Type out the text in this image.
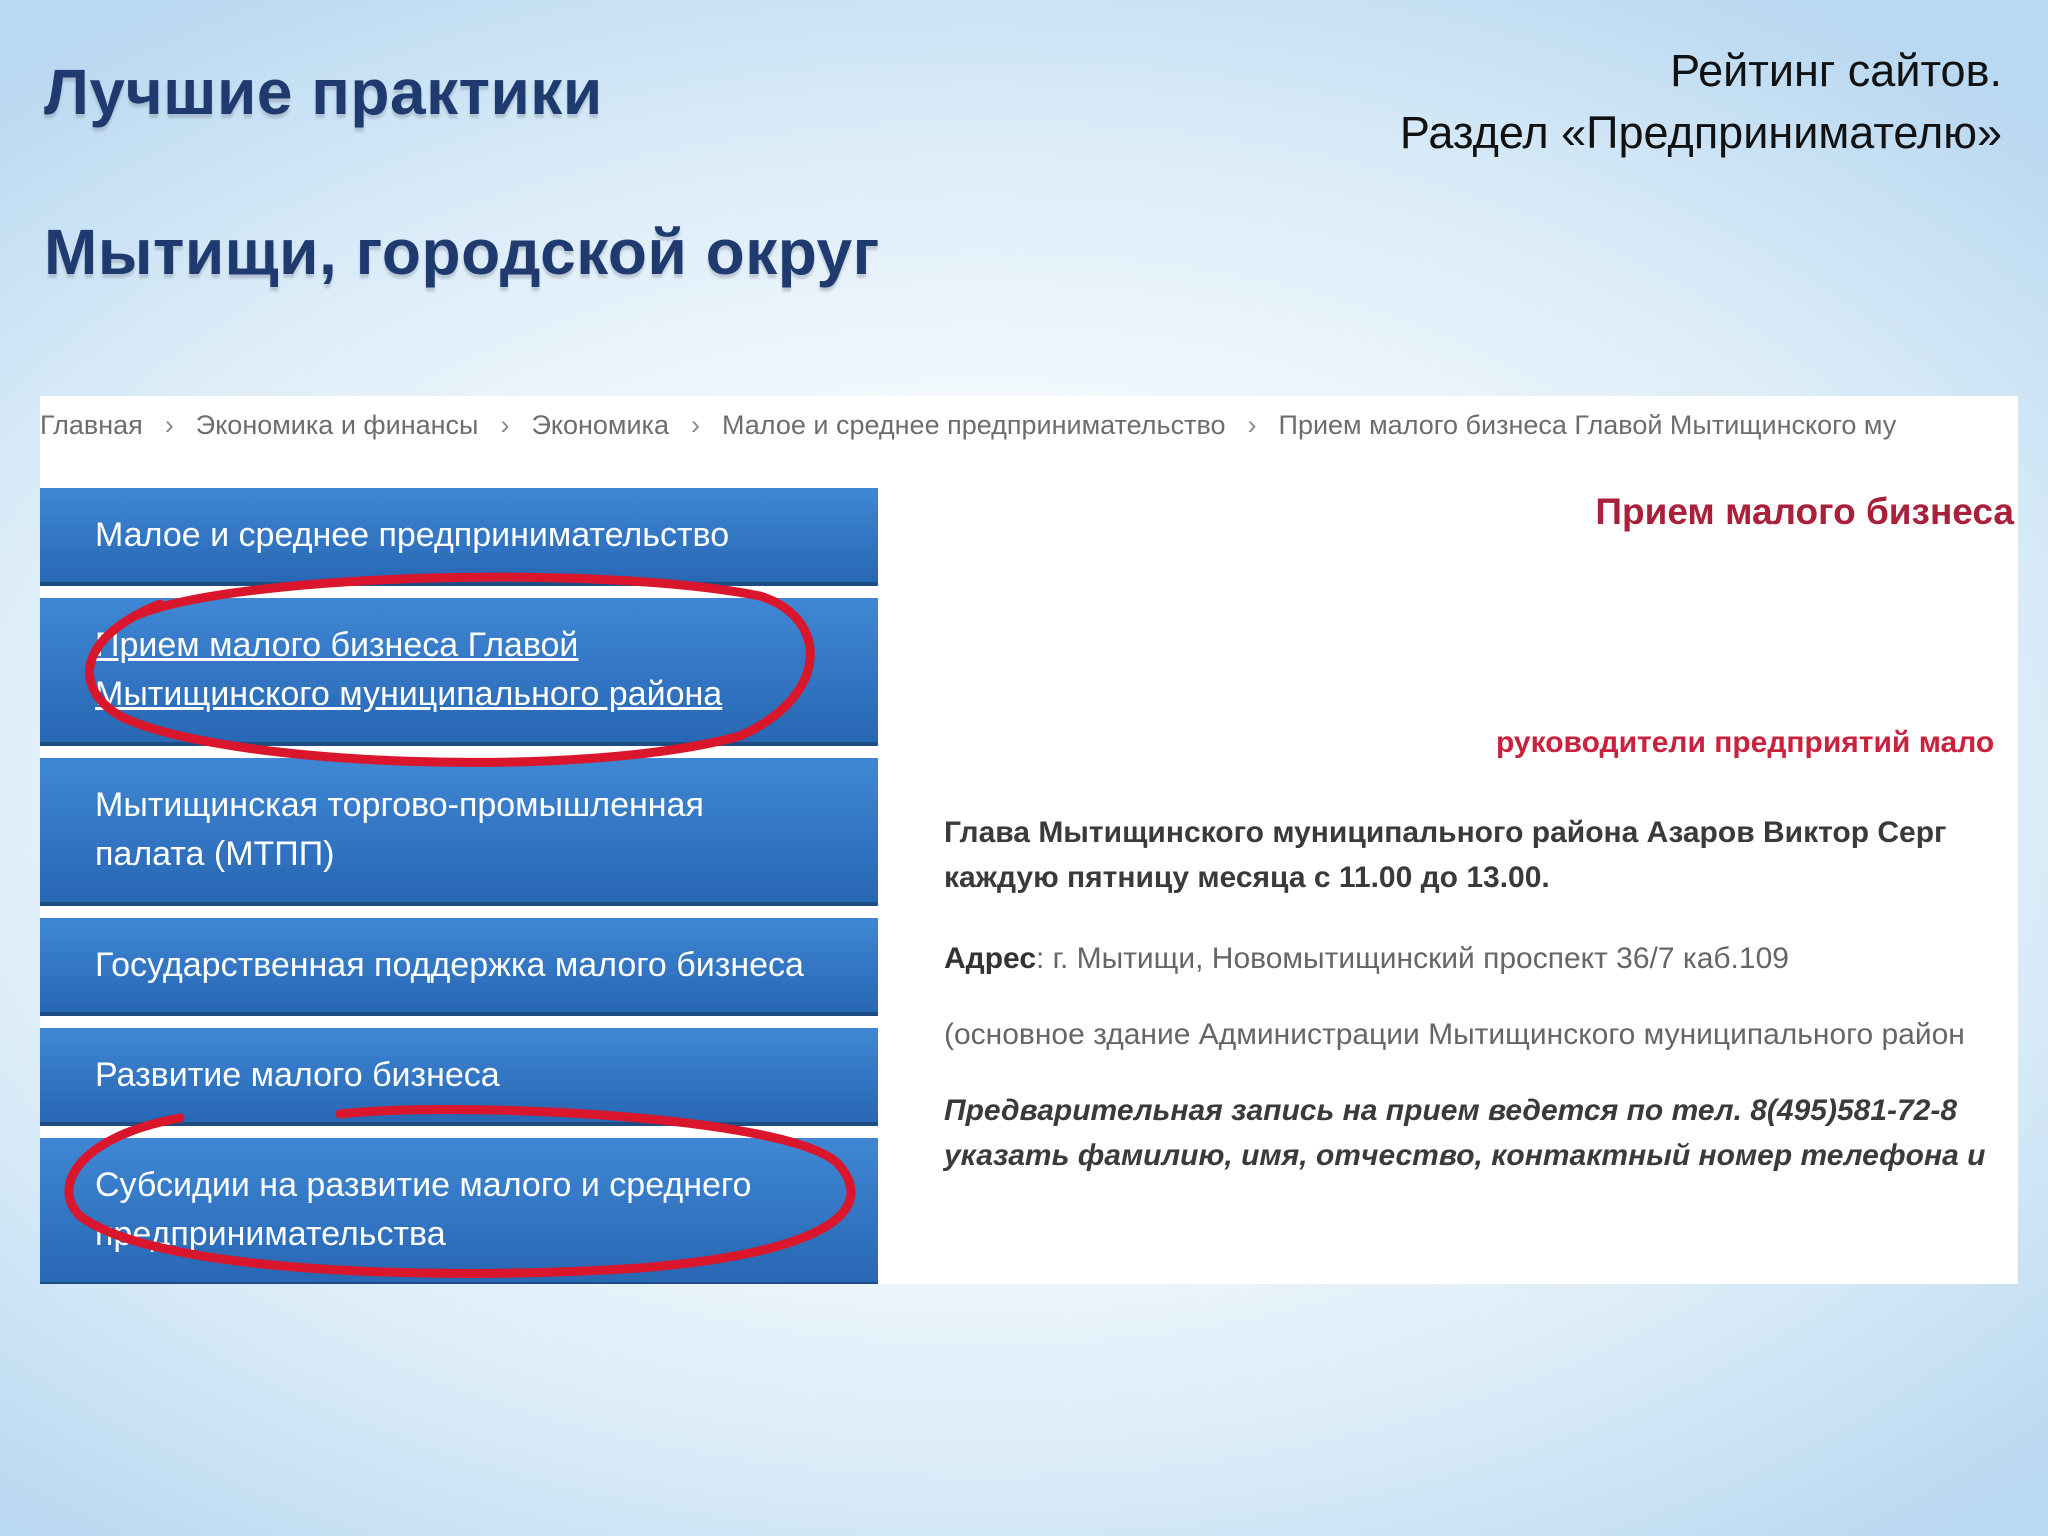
Лучшие практики
Мытищи, городской округ
Рейтинг сайтов.
Раздел «Предпринимателю»
Главная › Экономика и финансы › Экономика › Малое и среднее предпринимательство › Прием малого бизнеса Главой Мытищинского му
Малое и среднее предпринимательство
Прием малого бизнеса Главой
Мытищинского муниципального района
Мытищинская торгово-промышленная
палата (МТПП)
Государственная поддержка малого бизнеса
Развитие малого бизнеса
Субсидии на развитие малого и среднего
предпринимательства
Прием малого бизнеса
руководители предприятий мало
Глава Мытищинского муниципального района Азаров Виктор Серг
каждую пятницу месяца с 11.00 до 13.00.
Адрес: г. Мытищи, Новомытищинский проспект 36/7 каб.109
(основное здание Администрации Мытищинского муниципального район
Предварительная запись на прием ведется по тел. 8(495)581-72-8
указать фамилию, имя, отчество, контактный номер телефона и
